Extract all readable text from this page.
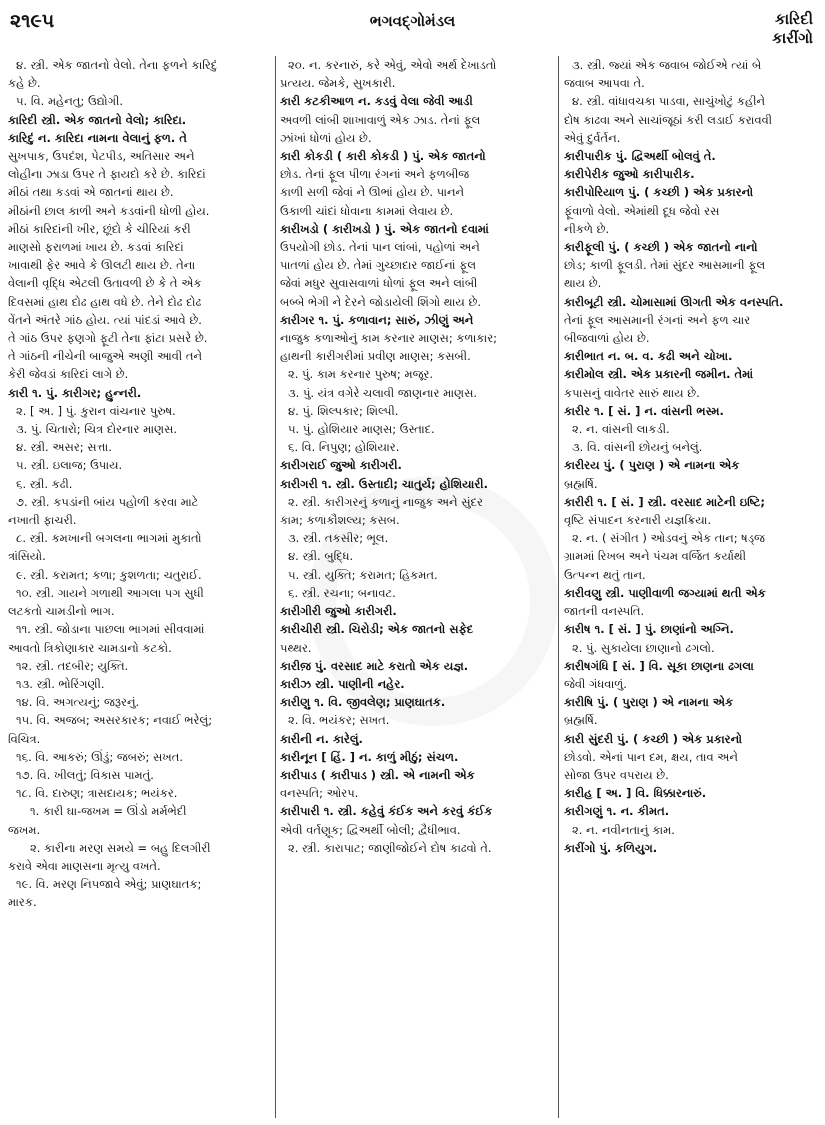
૨૧૯૫	ભગવદ્ગોમંડલ	કારિદી
કારીંગો
૪. સ્ત્રી. એક જાતનો વેલો. તેના ફળને કારિદું
કહે છે.
૫. વિ. મહેનતુ; ઉદ્યોગી.
કારિદી સ્ત્રી. એક જાતનો વેલો; કારિદા.
કારિદું ન. કારિદા નામના વેલાનું ફળ. તે
સુખપાક, ઉપદંશ, પેટપીડ, અતિસાર અને
લોહીના ઝાડા ઉપર તે ફાયદો કરે છે. કારિદાં
મીઠાં તથા કડવાં એ જાતનાં થાય છે.
મીઠાંની છાલ કાળી અને કડવાંની ધોળી હોય.
મીઠાં કારિદાંની ખીર, છૂંદો કે ચીરિયાં કરી
માણસો ફરાળમાં ખાય છે. કડવાં કારિદાં
ખાવાથી ફેર આવે કે ઊલટી થાય છે. તેના
વેલાની વૃદ્ધિ એટલી ઉતાવળી છે કે તે એક
દિવસમાં હાથ દોઢ હાથ વધે છે. તેને દોઢ દોઢ
વેંતને અંતરે ગાંઠ હોય. ત્યાં પાંદડાં આવે છે.
તે ગાંઠ ઉપર ફણગો ફૂટી તેના ફાંટા પ્રસરે છે.
તે ગાંઠની નીચેની બાજુએ અણી આવી તને
કેરી જેવડાં કારિદાં લાગે છે.
કારી ૧. પું. કારીગર; હુન્નરી.
૨. [ અ. ] પું. કુરાન વાંચનાર પુરુષ.
૩. પું. ચિતારો; ચિત્ર દોરનાર માણસ.
૪. સ્ત્રી. અસર; સત્તા.
૫. સ્ત્રી. ઇલાજ; ઉપાય.
૬. સ્ત્રી. કઢી.
૭. સ્ત્રી. કપડાંની બાંય પહોળી કરવા માટે
નખાતી ફાચરી.
૮. સ્ત્રી. કમખાની બગલના ભાગમાં મુકાતો
ત્રાંસિયો.
૯. સ્ત્રી. કરામત; કળા; કુશળતા; ચતુરાઈ.
૧૦. સ્ત્રી. ગાયને ગળાથી આગલા પગ સુધી
લટકતો ચામડીનો ભાગ.
૧૧. સ્ત્રી. જોડાના પાછલા ભાગમાં સીવવામાં
આવતો ત્રિકોણાકાર ચામડાનો કટકો.
૧૨. સ્ત્રી. તદબીર; યુક્તિ.
૧૩. સ્ત્રી. ભોરિંગણી.
૧૪. વિ. અગત્યનું; જરૂરનું.
૧૫. વિ. અજબ; અસરકારક; નવાઈ ભરેલું;
વિચિત્ર.
૧૬. વિ. આકરું; ઊંડું; જબરું; સખત.
૧૭. વિ. ખીલતું; વિકાસ પામતું.
૧૮. વિ. દારુણ; ત્રાસદાયક; ભયંકર.
૧. કારી ઘા-જખમ = ઊંડો મર્મભેદી
જખમ.
૨. કારીના મરણ સમયે = બહુ દિલગીરી
કરાવે એવા માણસના મૃત્યુ વખતે.
૧૯. વિ. મરણ નિપજાવે એવું; પ્રાણઘાતક;
મારક.
૨૦. ન. કરનારું, કરે એવું, એવો અર્થ દેખાડતો
પ્રત્યય. જેમકે, સુખકારી.
કારી કટકીઆળ ન. કડવું વેલા જેવી આડી
અવળી લાંબી શાખાવાળું એક ઝાડ. તેનાં ફૂલ
ઝાંખાં ધોળાં હોય છે.
કારી કોકડી ( કારી કોકડી ) પું. એક જાતનો
છોડ. તેનાં ફૂલ પીળા રંગનાં અને ફળબીજ
કાળી સળી જેવાં ને ઊભાં હોય છે. પાનને
ઉકાળી ચાંદાં ધોવાના કામમાં લેવાય છે.
કારીખડો ( કારીખડો ) પું. એક જાતનો દવામાં
ઉપયોગી છોડ. તેનાં પાન લાંબાં, પહોળાં અને
પાતળાં હોય છે. તેમાં ગુચ્છાદાર જાઈનાં ફૂલ
જેવાં મધુર સુવાસવાળાં ધોળાં ફૂલ અને લાંબી
બબ્બે ભેગી ને દેરને જોડાયેલી શિંગો થાય છે.
કારીગર ૧. પું. કળાવાન; સારું, ઝીણું અને
નાજુક કળાઓનું કામ કરનાર માણસ; કળાકાર;
હાથની કારીગરીમાં પ્રવીણ માણસ; કસબી.
૨. પું. કામ કરનાર પુરુષ; મજૂર.
૩. પું. યંત્ર વગેરે ચલાવી જાણનાર માણસ.
૪. પું. શિલ્પકાર; શિલ્પી.
૫. પું. હોશિયાર માણસ; ઉસ્તાદ.
૬. વિ. નિપુણ; હોશિયાર.
કારીગરાઈ જુઓ કારીગરી.
કારીગરી ૧. સ્ત્રી. ઉસ્તાદી; ચાતુર્ય; હોશિયારી.
૨. સ્ત્રી. કારીગરનું કળાનું નાજુક અને સુંદર
કામ; કળાકૌશલ્ય; કસબ.
૩. સ્ત્રી. તકસીર; ભૂલ.
૪. સ્ત્રી. બુદ્ધિ.
૫. સ્ત્રી. યુક્તિ; કરામત; હિકમત.
૬. સ્ત્રી. રચના; બનાવટ.
કારીગીરી જુઓ કારીગરી.
કારીચીરી સ્ત્રી. ચિરોડી; એક જાતનો સફેદ
પથ્થર.
કારીજ઼ પું. વરસાદ માટે કરાતો એક યજ્ઞ.
કારીઝ સ્ત્રી. પાણીની નહેર.
કારીણુ ૧. વિ. જીવલેણ; પ્રાણઘાતક.
૨. વિ. ભયંકર; સખત.
કારીની ન. કારેલું.
કારીનૂન [ હિં. ] ન. કાળું મીઠું; સંચળ.
કારીપાડ ( કારીપાડ ) સ્ત્રી. એ નામની એક
વનસ્પતિ; ઓરપ.
કારીપારી ૧. સ્ત્રી. કહેવું કંઈક અને કરવું કંઈક
એવી વર્તણૂક; દ્વિઅર્થી બોલી; દ્વૈધીભાવ.
૨. સ્ત્રી. કારાપાટ; જાણીજોઈને દોષ કાઢવો તે.
૩. સ્ત્રી. જ્યાં એક જવાબ જોઈએ ત્યાં બે
જવાબ આપવા તે.
૪. સ્ત્રી. વાંધાવચકા પાડવા, સાચુંખોટું કહીને
દોષ કાઢવા અને સાચાંજૂઠાં કરી લડાઈ કરાવવી
એવું દુર્વર્તન.
કારીપારીક પું. દ્વિઅર્થી બોલવું તે.
કારીપેરીક જુઓ કારીપારીક.
કારીપોરિયાળ પું. ( કચ્છી ) એક પ્રકારનો
ફૂંવાળો વેલો. એમાંથી દૂધ જેવો રસ
નીકળે છે.
કારીફૂલી પું. ( કચ્છી ) એક જાતનો નાનો
છોડ; કાળી ફૂલડી. તેમાં સુંદર આસમાની ફૂલ
થાય છે.
કારીબૂટી સ્ત્રી. ચોમાસામાં ઊગતી એક વનસ્પતિ.
તેનાં ફૂલ આસમાની રંગનાં અને ફળ ચાર
બીજવાળાં હોય છે.
કારીભાત ન. બ. વ. કઢી અને ચોખા.
કારીમોલ સ્ત્રી. એક પ્રકારની જમીન. તેમાં
કપાસનું વાવેતર સારું થાય છે.
કારીર ૧. [ સં. ] ન. વાંસની ભસ્મ.
૨. ન. વાંસની લાકડી.
૩. વિ. વાંસની છોયનું બનેલું.
કારીરય પું. ( પુરાણ ) એ નામના એક
બ્રહ્મર્ષિ.
કારીરી ૧. [ સં. ] સ્ત્રી. વરસાદ માટેની ઇષ્ટિ;
વૃષ્ટિ સંપાદન કરનારી યજ્ઞક્રિયા.
૨. ન. ( સંગીત ) ઓડવનું એક તાન; ષડ્જ
ગ્રામમાં રિખબ અને પંચમ વર્જિત કર્યાથી
ઉત્પન્ન થતું તાન.
કારીવણુ સ્ત્રી. પાણીવાળી જગ્યામાં થતી એક
જાતની વનસ્પતિ.
કારીષ ૧. [ સં. ] પું. છાણાંનો અગ્નિ.
૨. પું. સુકાયેલા છાણાનો ઢગલો.
કારીષગંધિ [ સં. ] વિ. સૂકા છાણના ઢગલા
જેવી ગંધવાળું.
કારીષિ પું. ( પુરાણ ) એ નામના એક
બ્રહ્મર્ષિ.
કારી સુંદરી પું. ( કચ્છી ) એક પ્રકારનો
છોડવો. એનાં પાન દમ, ક્ષય, તાવ અને
સોજા ઉપર વપરાય છે.
કારીહ [ અ. ] વિ. ધિક્કારનારું.
કારીગણું ૧. ન. કીમત.
૨. ન. નવીનતાનું કામ.
કારીંગો પું. કળિયુગ.
